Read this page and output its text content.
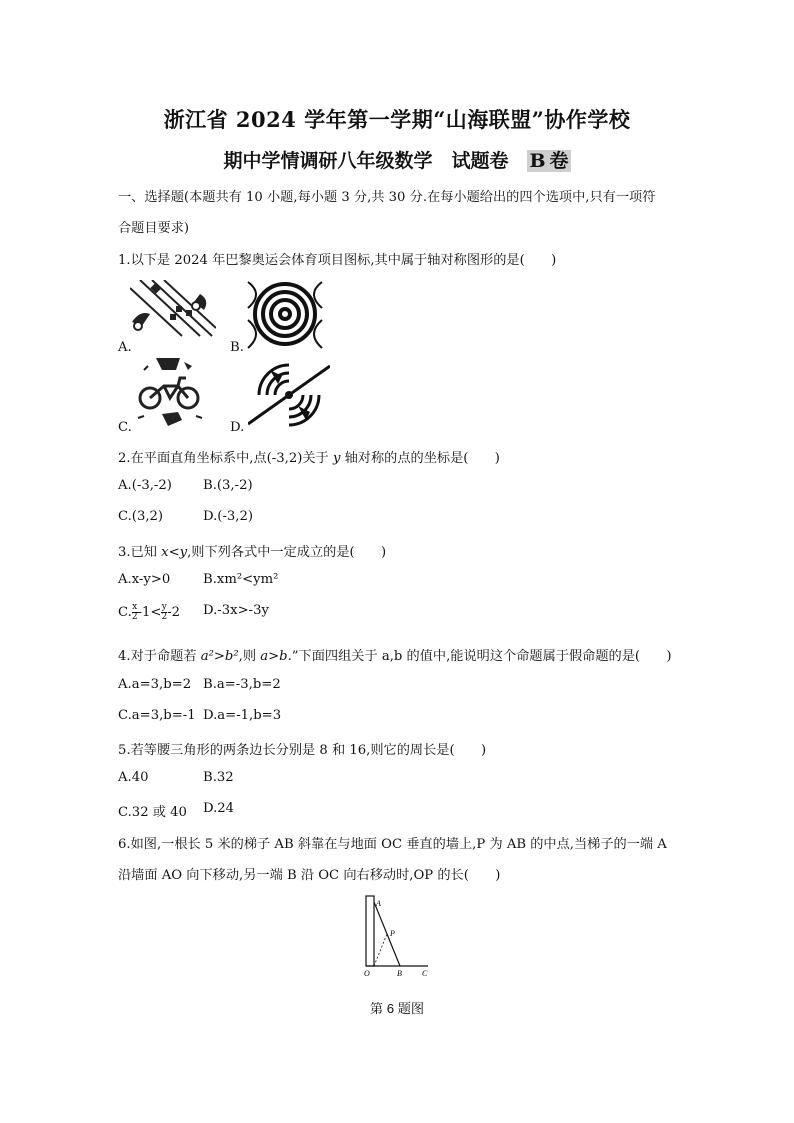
浙江省 2024 学年第一学期“山海联盟”协作学校
期中学情调研八年级数学　试题卷　B 卷
一、选择题(本题共有 10 小题,每小题 3 分,共 30 分.在每小题给出的四个选项中,只有一项符
合题目要求)
1.以下是 2024 年巴黎奥运会体育项目图标,其中属于轴对称图形的是(　　)
A.	B.
C.	D.
2.在平面直角坐标系中,点(-3,2)关于 y 轴对称的点的坐标是(　　)
A.(-3,-2) B.(3,-2)
C.(3,2)	D.(-3,2)
3.已知 x<y,则下列各式中一定成立的是(　　)
A.x-y>0 B.xm²<ym²
C. $\frac{x}{2} -1< \frac{y}{2} -2$ D.-3x>-3y
4.对于命题若 a²>b²,则 a>b.”下面四组关于 a,b 的值中,能说明这个命题属于假命题的是(　　)
A.a=3,b=2 B.a=-3,b=2
C.a=3,b=-1 D.a=-1,b=3
5.若等腰三角形的两条边长分别是 8 和 16,则它的周长是(　　)
A.40	B.32
C.32 或 40 D.24
6.如图,一根长 5 米的梯子 AB 斜靠在与地面 OC 垂直的墙上,P 为 AB 的中点,当梯子的一端 A
沿墙面 AO 向下移动,另一端 B 沿 OC 向右移动时,OP 的长(　　)
A
P
O	B	C
第 6 题图
